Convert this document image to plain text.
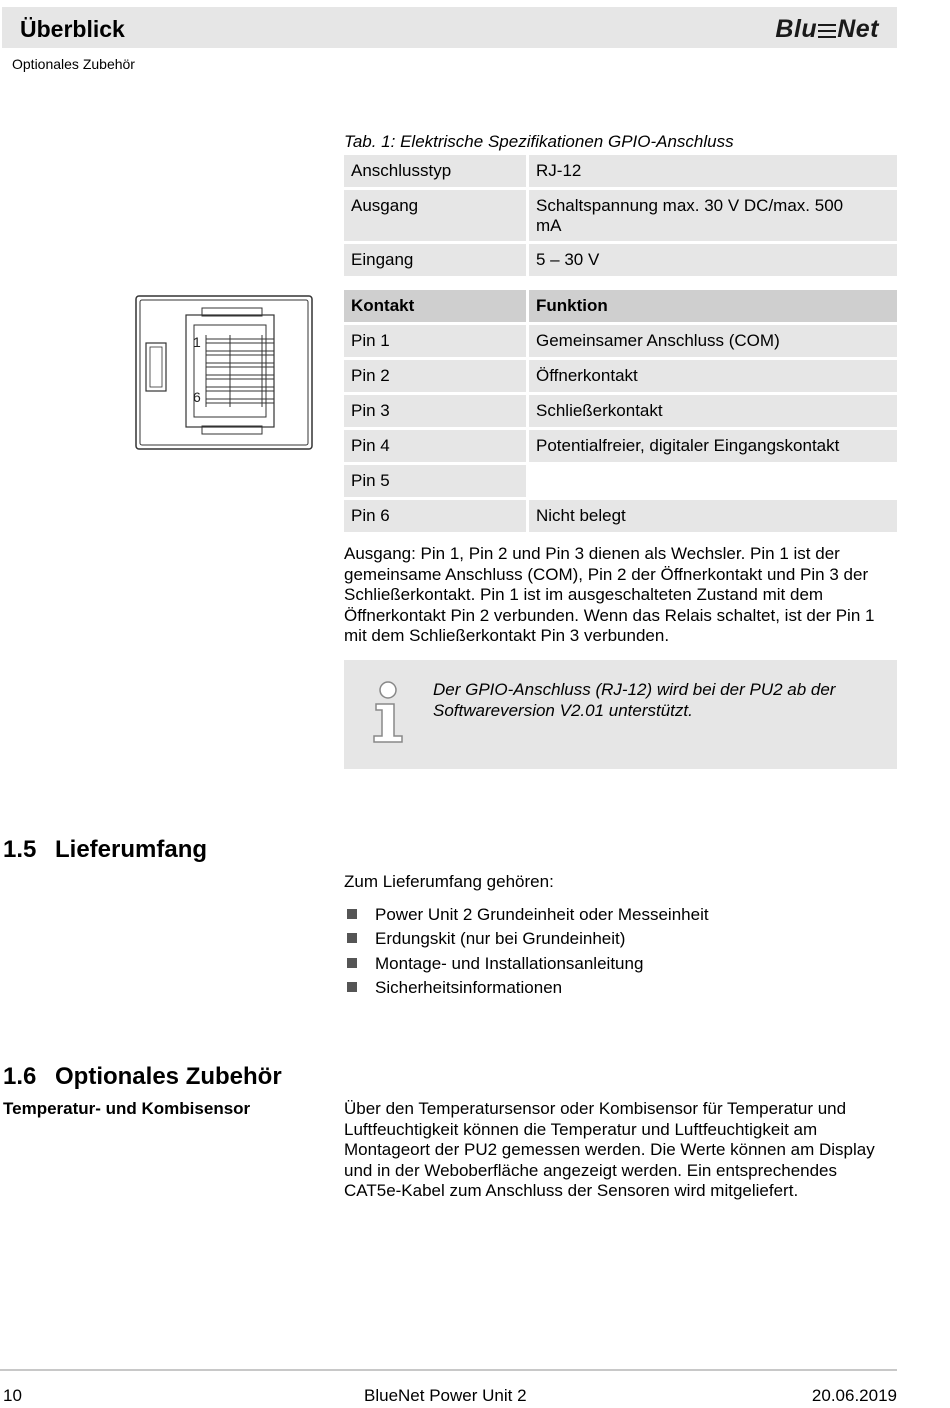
Überblick	Blu Net
Optionales Zubehör
Tab. 1: Elektrische Spezifikationen GPIO-Anschluss
Anschlusstyp	RJ-12
Ausgang	Schaltspannung max. 30 V DC/max. 500 mA
Eingang	5 – 30 V
Kontakt	Funktion
Pin 1	Gemeinsamer Anschluss (COM)
Pin 2	Öffnerkontakt
Pin 3	Schließerkontakt
Pin 4	Potentialfreier, digitaler Eingangskontakt
Pin 5
Pin 6	Nicht belegt
1
6
Ausgang: Pin 1, Pin 2 und Pin 3 dienen als Wechsler. Pin 1 ist der gemeinsame Anschluss (COM), Pin 2 der Öffnerkontakt und Pin 3 der Schließerkontakt. Pin 1 ist im ausgeschalteten Zustand mit dem Öffnerkontakt Pin 2 verbunden. Wenn das Relais schaltet, ist der Pin 1 mit dem Schließerkontakt Pin 3 verbunden.
Der GPIO-Anschluss (RJ-12) wird bei der PU2 ab der Softwareversion V2.01 unterstützt.
1.5 Lieferumfang
Zum Lieferumfang gehören:
Power Unit 2 Grundeinheit oder Messeinheit
Erdungskit (nur bei Grundeinheit)
Montage- und Installationsanleitung
Sicherheitsinformationen
1.6 Optionales Zubehör
Temperatur- und Kombisensor	Über den Temperatursensor oder Kombisensor für Temperatur und Luftfeuchtigkeit können die Temperatur und Luftfeuchtigkeit am Montageort der PU2 gemessen werden. Die Werte können am Display und in der Weboberfläche angezeigt werden. Ein entsprechendes CAT5e-Kabel zum Anschluss der Sensoren wird mitgeliefert.
10	BlueNet Power Unit 2	20.06.2019
